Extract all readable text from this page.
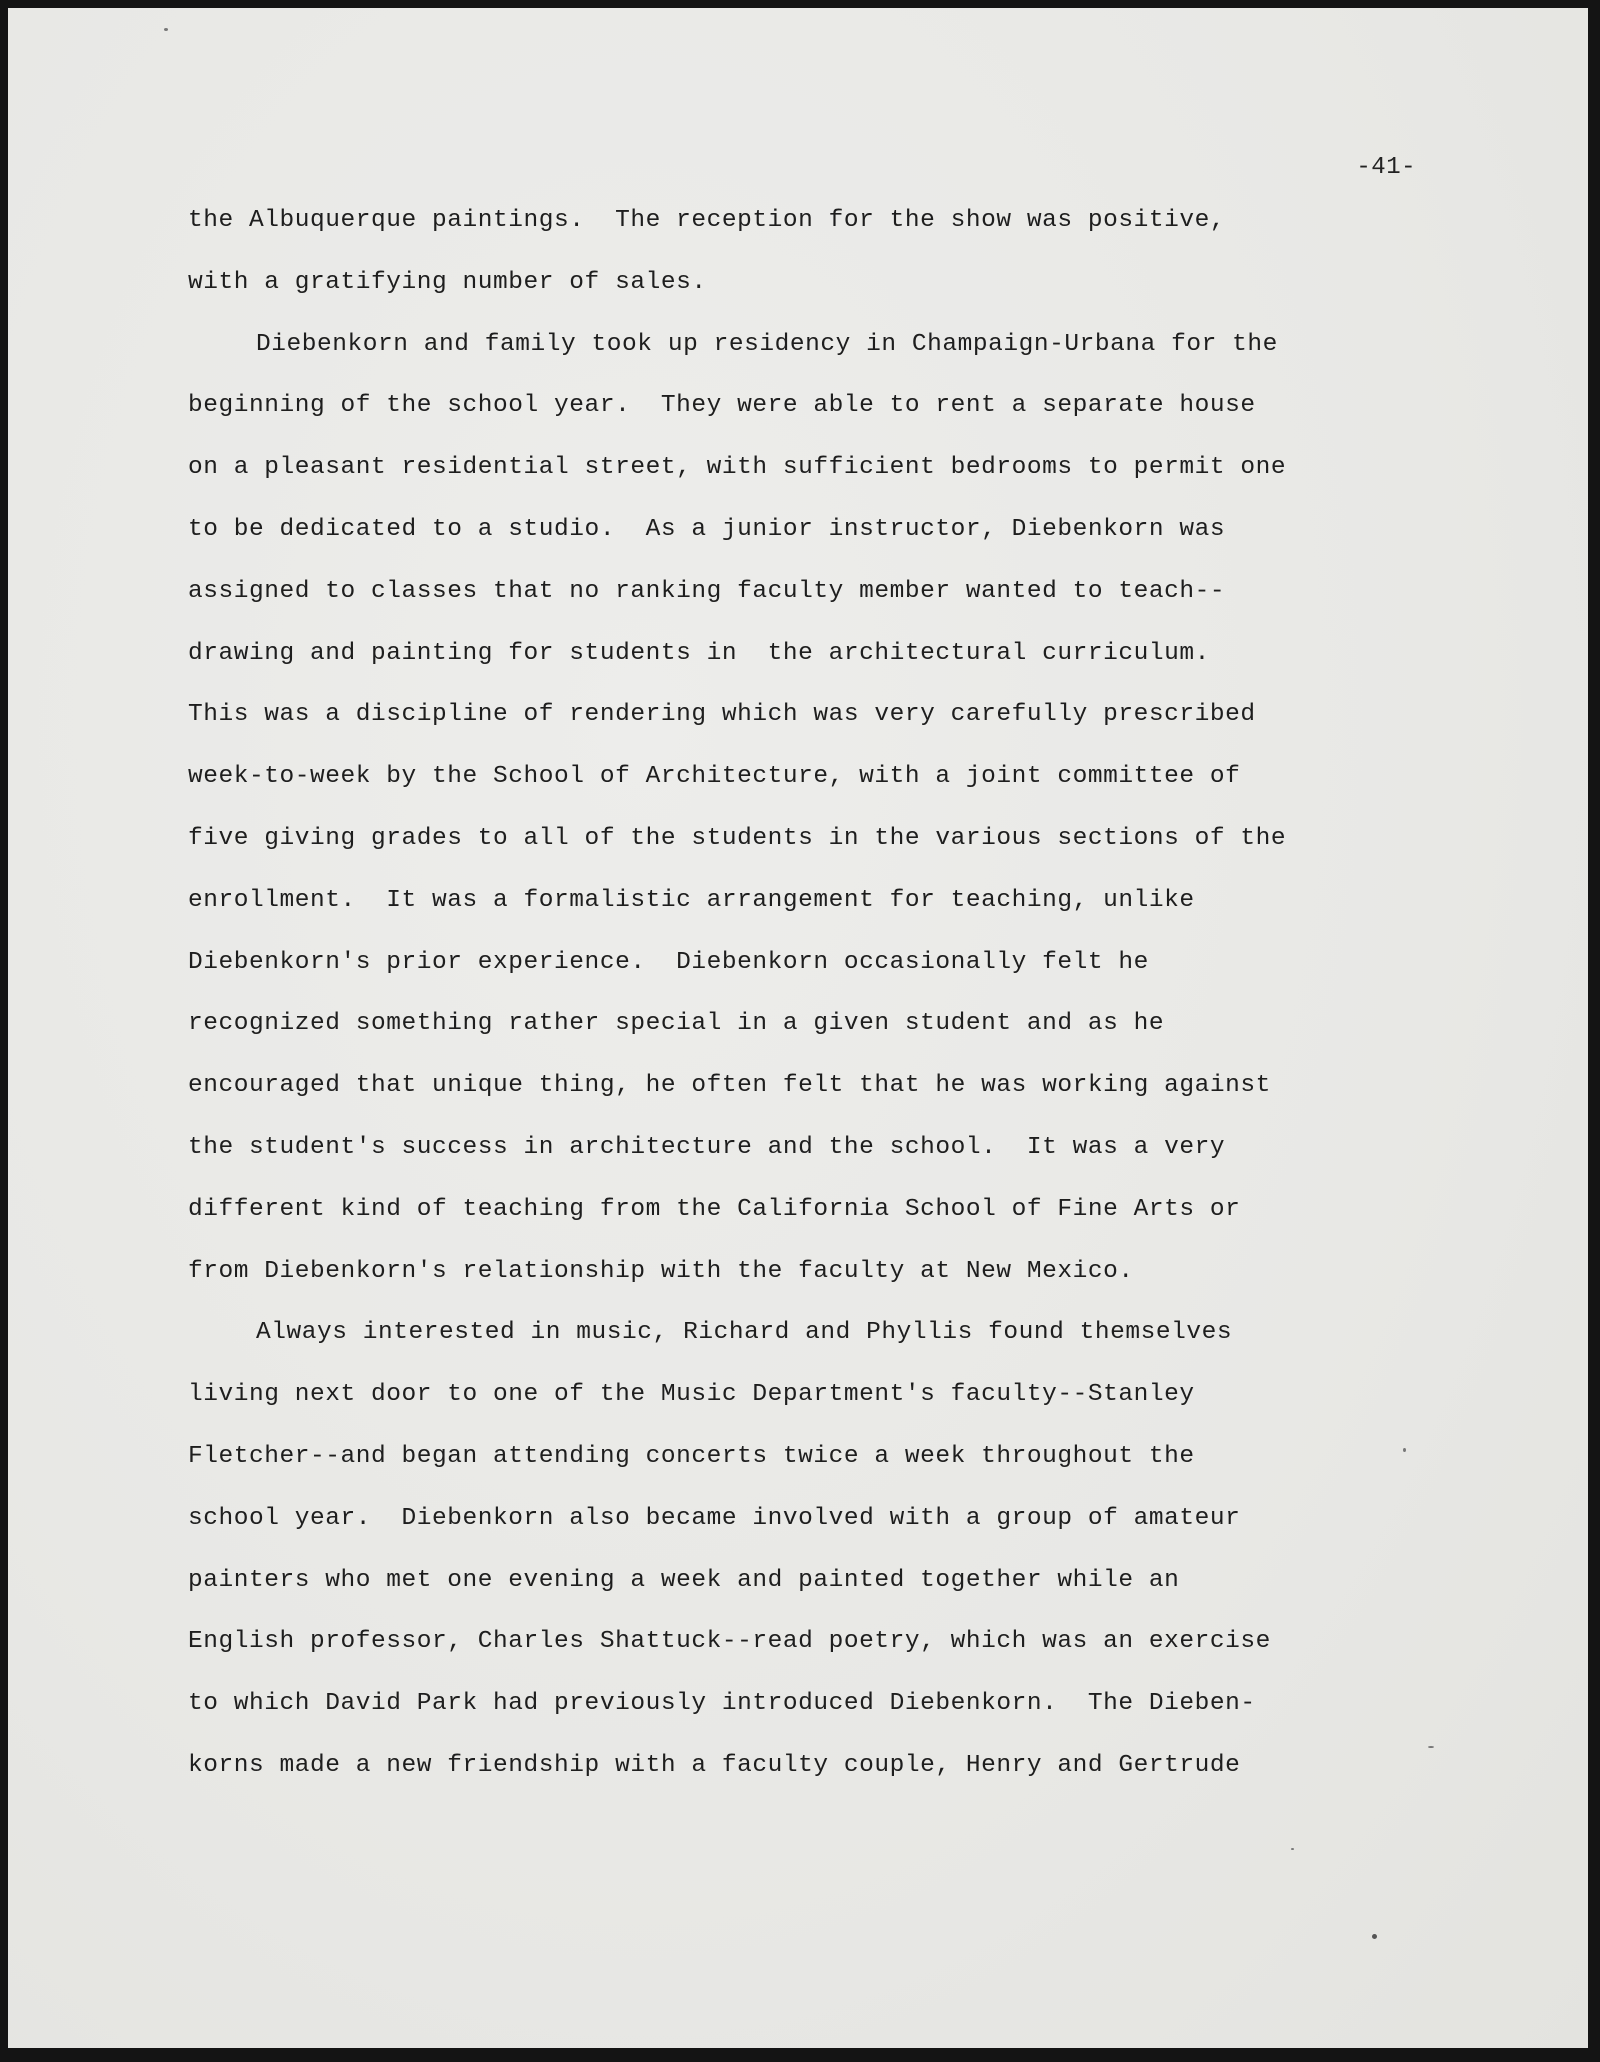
-41-
the Albuquerque paintings.  The reception for the show was positive,
with a gratifying number of sales.
Diebenkorn and family took up residency in Champaign-Urbana for the
beginning of the school year.  They were able to rent a separate house
on a pleasant residential street, with sufficient bedrooms to permit one
to be dedicated to a studio.  As a junior instructor, Diebenkorn was
assigned to classes that no ranking faculty member wanted to teach--
drawing and painting for students in  the architectural curriculum.
This was a discipline of rendering which was very carefully prescribed
week-to-week by the School of Architecture, with a joint committee of
five giving grades to all of the students in the various sections of the
enrollment.  It was a formalistic arrangement for teaching, unlike
Diebenkorn's prior experience.  Diebenkorn occasionally felt he
recognized something rather special in a given student and as he
encouraged that unique thing, he often felt that he was working against
the student's success in architecture and the school.  It was a very
different kind of teaching from the California School of Fine Arts or
from Diebenkorn's relationship with the faculty at New Mexico.
Always interested in music, Richard and Phyllis found themselves
living next door to one of the Music Department's faculty--Stanley
Fletcher--and began attending concerts twice a week throughout the
school year.  Diebenkorn also became involved with a group of amateur
painters who met one evening a week and painted together while an
English professor, Charles Shattuck--read poetry, which was an exercise
to which David Park had previously introduced Diebenkorn.  The Dieben-
korns made a new friendship with a faculty couple, Henry and Gertrude
